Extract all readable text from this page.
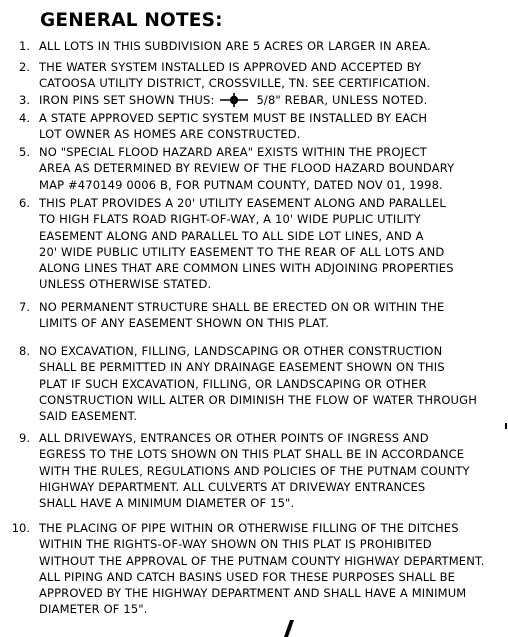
GENERAL NOTES:
1. ALL LOTS IN THIS SUBDIVISION ARE 5 ACRES OR LARGER IN AREA.
2. THE WATER SYSTEM INSTALLED IS APPROVED AND ACCEPTED BY
CATOOSA UTILITY DISTRICT, CROSSVILLE, TN. SEE CERTIFICATION.
3. IRON PINS SET SHOWN THUS:	5/8" REBAR, UNLESS NOTED.
4. A STATE APPROVED SEPTIC SYSTEM MUST BE INSTALLED BY EACH
LOT OWNER AS HOMES ARE CONSTRUCTED.
5. NO "SPECIAL FLOOD HAZARD AREA" EXISTS WITHIN THE PROJECT
AREA AS DETERMINED BY REVIEW OF THE FLOOD HAZARD BOUNDARY
MAP #470149 0006 B, FOR PUTNAM COUNTY, DATED NOV 01, 1998.
6. THIS PLAT PROVIDES A 20' UTILITY EASEMENT ALONG AND PARALLEL
TO HIGH FLATS ROAD RIGHT-OF-WAY, A 10' WIDE PUPLIC UTILITY
EASEMENT ALONG AND PARALLEL TO ALL SIDE LOT LINES, AND A
20' WIDE PUBLIC UTILITY EASEMENT TO THE REAR OF ALL LOTS AND
ALONG LINES THAT ARE COMMON LINES WITH ADJOINING PROPERTIES
UNLESS OTHERWISE STATED.
7. NO PERMANENT STRUCTURE SHALL BE ERECTED ON OR WITHIN THE
LIMITS OF ANY EASEMENT SHOWN ON THIS PLAT.
8. NO EXCAVATION, FILLING, LANDSCAPING OR OTHER CONSTRUCTION
SHALL BE PERMITTED IN ANY DRAINAGE EASEMENT SHOWN ON THIS
PLAT IF SUCH EXCAVATION, FILLING, OR LANDSCAPING OR OTHER
CONSTRUCTION WILL ALTER OR DIMINISH THE FLOW OF WATER THROUGH
SAID EASEMENT.
9. ALL DRIVEWAYS, ENTRANCES OR OTHER POINTS OF INGRESS AND
EGRESS TO THE LOTS SHOWN ON THIS PLAT SHALL BE IN ACCORDANCE
WITH THE RULES, REGULATIONS AND POLICIES OF THE PUTNAM COUNTY
HIGHWAY DEPARTMENT. ALL CULVERTS AT DRIVEWAY ENTRANCES
SHALL HAVE A MINIMUM DIAMETER OF 15".
10. THE PLACING OF PIPE WITHIN OR OTHERWISE FILLING OF THE DITCHES
WITHIN THE RIGHTS-OF-WAY SHOWN ON THIS PLAT IS PROHIBITED
WITHOUT THE APPROVAL OF THE PUTNAM COUNTY HIGHWAY DEPARTMENT.
ALL PIPING AND CATCH BASINS USED FOR THESE PURPOSES SHALL BE
APPROVED BY THE HIGHWAY DEPARTMENT AND SHALL HAVE A MINIMUM
DIAMETER OF 15".
